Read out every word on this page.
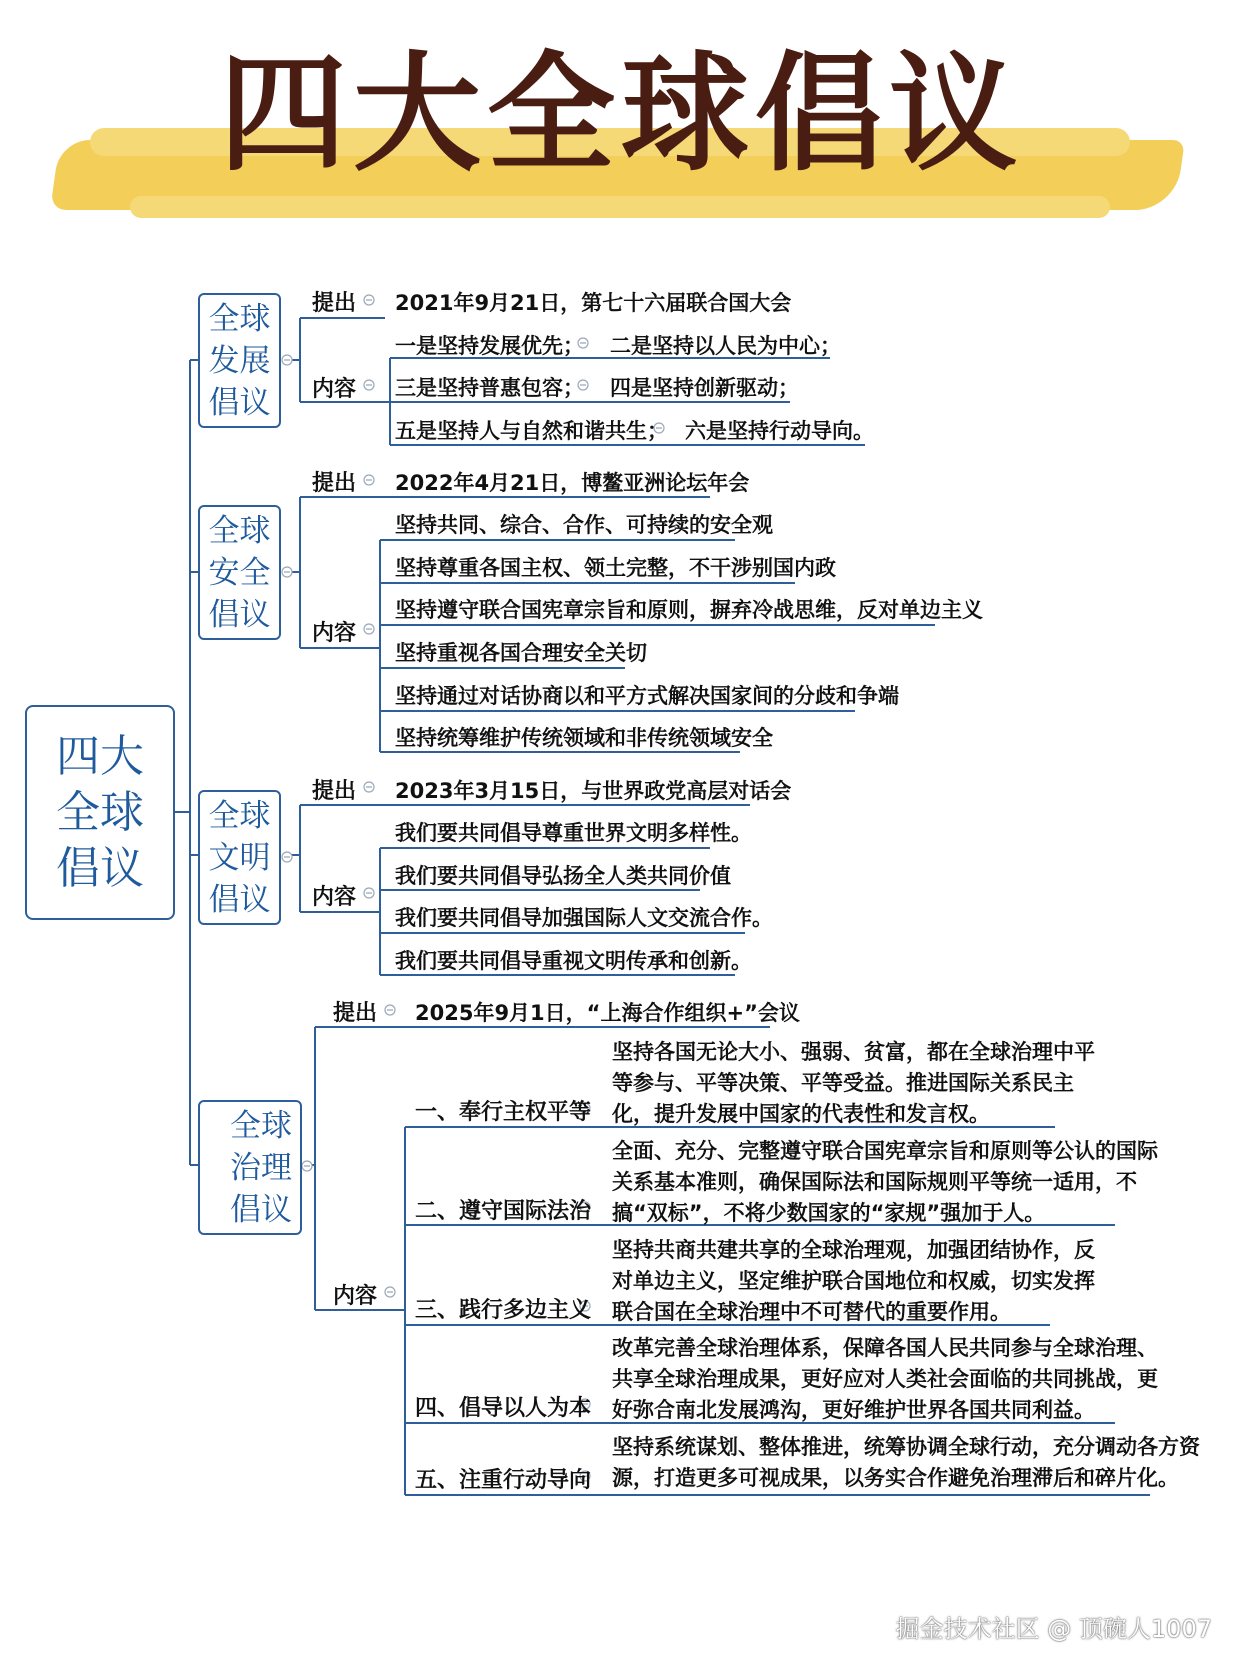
四大全球倡议
四大
全球
倡议
全球
发展
倡议
提出 2021年9月21日，第七十六届联合国大会
内容
一是坚持发展优先； 二是坚持以人民为中心；
三是坚持普惠包容； 四是坚持创新驱动；
五是坚持人与自然和谐共生； 六是坚持行动导向。
全球
安全
倡议
提出 2022年4月21日，博鳌亚洲论坛年会
内容
坚持共同、综合、合作、可持续的安全观
坚持尊重各国主权、领土完整，不干涉别国内政
坚持遵守联合国宪章宗旨和原则，摒弃冷战思维，反对单边主义
坚持重视各国合理安全关切
坚持通过对话协商以和平方式解决国家间的分歧和争端
坚持统筹维护传统领域和非传统领域安全
全球
文明
倡议
提出 2023年3月15日，与世界政党高层对话会
内容
我们要共同倡导尊重世界文明多样性。
我们要共同倡导弘扬全人类共同价值
我们要共同倡导加强国际人文交流合作。
我们要共同倡导重视文明传承和创新。
全球
治理
倡议
提出 2025年9月1日，“上海合作组织+”会议
内容
一、奉行主权平等
坚持各国无论大小、强弱、贫富，都在全球治理中平
等参与、平等决策、平等受益。推进国际关系民主
化，提升发展中国家的代表性和发言权。
二、遵守国际法治
全面、充分、完整遵守联合国宪章宗旨和原则等公认的国际
关系基本准则，确保国际法和国际规则平等统一适用，不
搞“双标”，不将少数国家的“家规”强加于人。
三、践行多边主义
坚持共商共建共享的全球治理观，加强团结协作，反
对单边主义，坚定维护联合国地位和权威，切实发挥
联合国在全球治理中不可替代的重要作用。
四、倡导以人为本
改革完善全球治理体系，保障各国人民共同参与全球治理、
共享全球治理成果，更好应对人类社会面临的共同挑战，更
好弥合南北发展鸿沟，更好维护世界各国共同利益。
五、注重行动导向
坚持系统谋划、整体推进，统筹协调全球行动，充分调动各方资
源，打造更多可视成果，以务实合作避免治理滞后和碎片化。
掘金技术社区 @ 顶碗人1007
